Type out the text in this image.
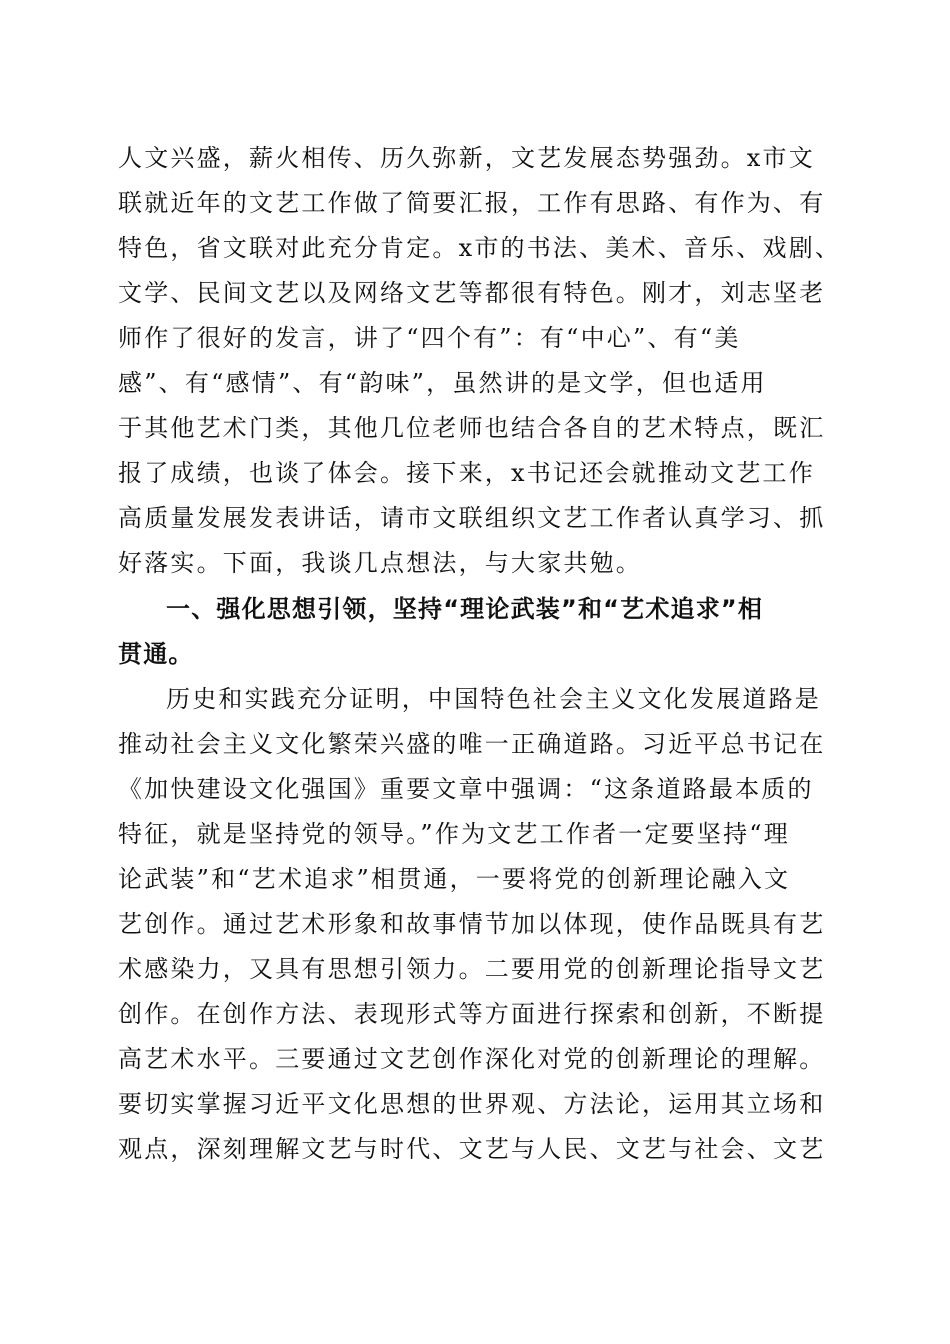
人文兴盛，薪火相传、历久弥新，文艺发展态势强劲。x市文
联就近年的文艺工作做了简要汇报，工作有思路、有作为、有
特色，省文联对此充分肯定。x市的书法、美术、音乐、戏剧、
文学、民间文艺以及网络文艺等都很有特色。刚才，刘志坚老
师作了很好的发言，讲了“四个有”：有“中心”、有“美
感”、有“感情”、有“韵味”，虽然讲的是文学，但也适用
于其他艺术门类，其他几位老师也结合各自的艺术特点，既汇
报了成绩，也谈了体会。接下来，x书记还会就推动文艺工作
高质量发展发表讲话，请市文联组织文艺工作者认真学习、抓
好落实。下面，我谈几点想法，与大家共勉。
一、强化思想引领，坚持“理论武装”和“艺术追求”相
贯通。
历史和实践充分证明，中国特色社会主义文化发展道路是
推动社会主义文化繁荣兴盛的唯一正确道路。习近平总书记在
《加快建设文化强国》重要文章中强调：“这条道路最本质的
特征，就是坚持党的领导。”作为文艺工作者一定要坚持“理
论武装”和“艺术追求”相贯通，一要将党的创新理论融入文
艺创作。通过艺术形象和故事情节加以体现，使作品既具有艺
术感染力，又具有思想引领力。二要用党的创新理论指导文艺
创作。在创作方法、表现形式等方面进行探索和创新，不断提
高艺术水平。三要通过文艺创作深化对党的创新理论的理解。
要切实掌握习近平文化思想的世界观、方法论，运用其立场和
观点，深刻理解文艺与时代、文艺与人民、文艺与社会、文艺
